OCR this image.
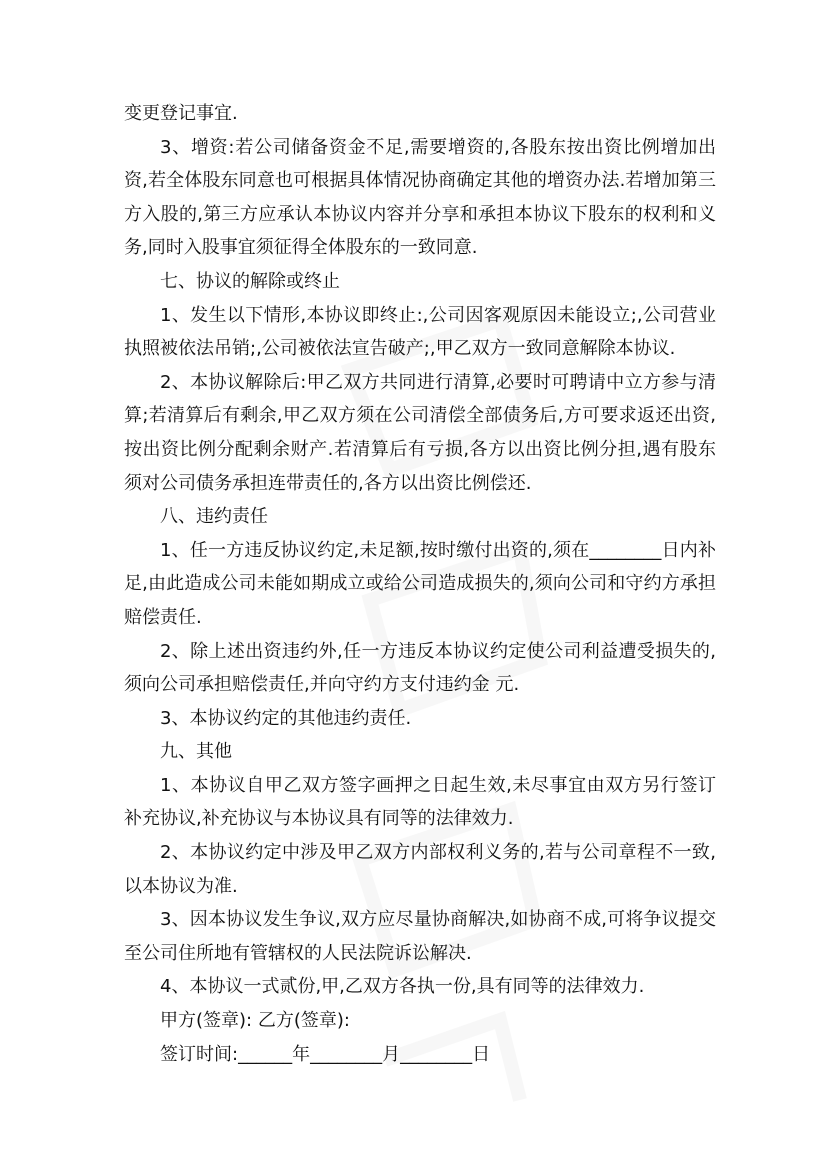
变更登记事宜.

3、增资:若公司储备资金不足,需要增资的,各股东按出资比例增加出资,若全体股东同意也可根据具体情况协商确定其他的增资办法.若增加第三方入股的,第三方应承认本协议内容并分享和承担本协议下股东的权利和义务,同时入股事宜须征得全体股东的一致同意.

七、协议的解除或终止

1、发生以下情形,本协议即终止:,公司因客观原因未能设立;,公司营业执照被依法吊销;,公司被依法宣告破产;,甲乙双方一致同意解除本协议.

2、本协议解除后:甲乙双方共同进行清算,必要时可聘请中立方参与清算;若清算后有剩余,甲乙双方须在公司清偿全部债务后,方可要求返还出资,按出资比例分配剩余财产.若清算后有亏损,各方以出资比例分担,遇有股东须对公司债务承担连带责任的,各方以出资比例偿还.

八、违约责任

1、任一方违反协议约定,未足额,按时缴付出资的,须在________日内补足,由此造成公司未能如期成立或给公司造成损失的,须向公司和守约方承担赔偿责任.

2、除上述出资违约外,任一方违反本协议约定使公司利益遭受损失的,须向公司承担赔偿责任,并向守约方支付违约金 元.

3、本协议约定的其他违约责任.

九、其他

1、本协议自甲乙双方签字画押之日起生效,未尽事宜由双方另行签订补充协议,补充协议与本协议具有同等的法律效力.

2、本协议约定中涉及甲乙双方内部权利义务的,若与公司章程不一致,以本协议为准.

3、因本协议发生争议,双方应尽量协商解决,如协商不成,可将争议提交至公司住所地有管辖权的人民法院诉讼解决.

4、本协议一式贰份,甲,乙双方各执一份,具有同等的法律效力.

甲方(签章): 乙方(签章):

签订时间:______年________月________日
